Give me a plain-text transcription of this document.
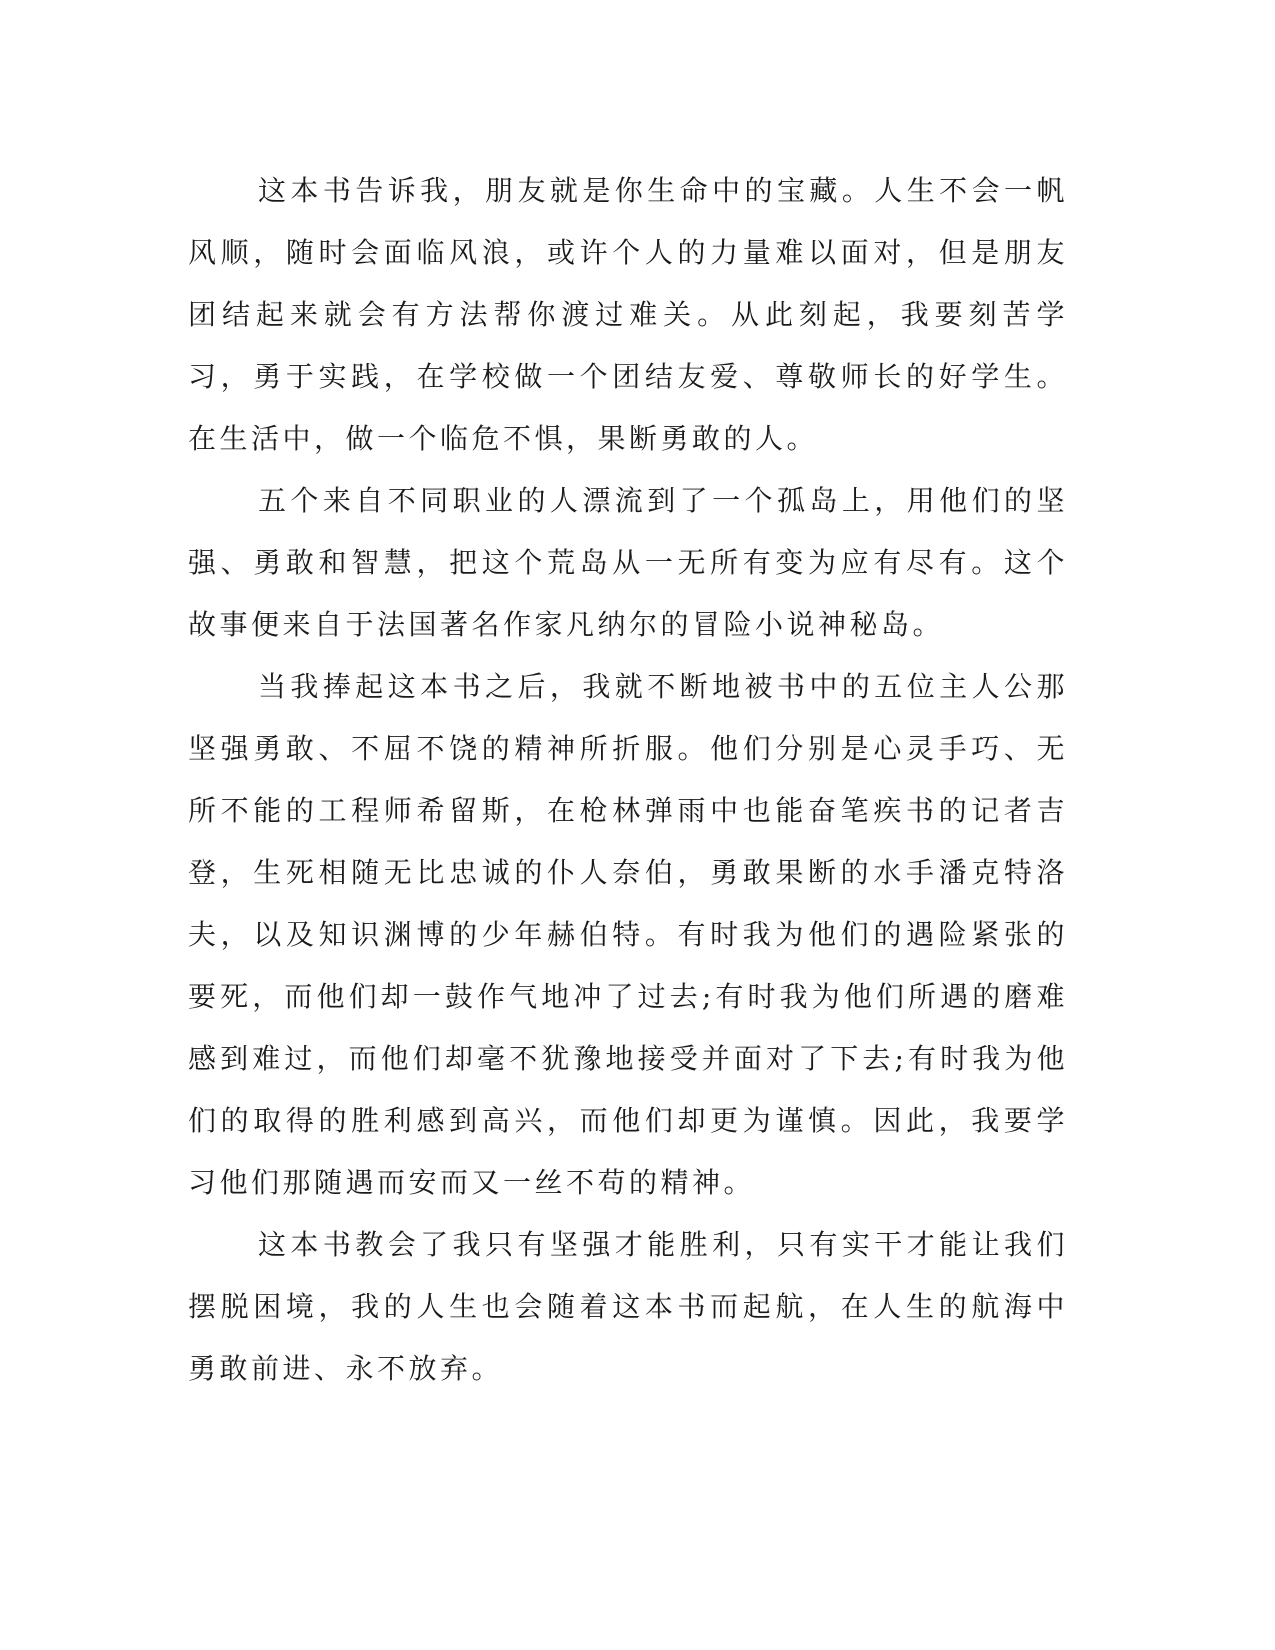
这本书告诉我，朋友就是你生命中的宝藏。人生不会一帆风顺，随时会面临风浪，或许个人的力量难以面对，但是朋友团结起来就会有方法帮你渡过难关。从此刻起，我要刻苦学习，勇于实践，在学校做一个团结友爱、尊敬师长的好学生。在生活中，做一个临危不惧，果断勇敢的人。

五个来自不同职业的人漂流到了一个孤岛上，用他们的坚强、勇敢和智慧，把这个荒岛从一无所有变为应有尽有。这个故事便来自于法国著名作家凡纳尔的冒险小说神秘岛。

当我捧起这本书之后，我就不断地被书中的五位主人公那坚强勇敢、不屈不饶的精神所折服。他们分别是心灵手巧、无所不能的工程师希留斯，在枪林弹雨中也能奋笔疾书的记者吉登，生死相随无比忠诚的仆人奈伯，勇敢果断的水手潘克特洛夫，以及知识渊博的少年赫伯特。有时我为他们的遇险紧张的要死，而他们却一鼓作气地冲了过去;有时我为他们所遇的磨难感到难过，而他们却毫不犹豫地接受并面对了下去;有时我为他们的取得的胜利感到高兴，而他们却更为谨慎。因此，我要学习他们那随遇而安而又一丝不苟的精神。

这本书教会了我只有坚强才能胜利，只有实干才能让我们摆脱困境，我的人生也会随着这本书而起航，在人生的航海中勇敢前进、永不放弃。
